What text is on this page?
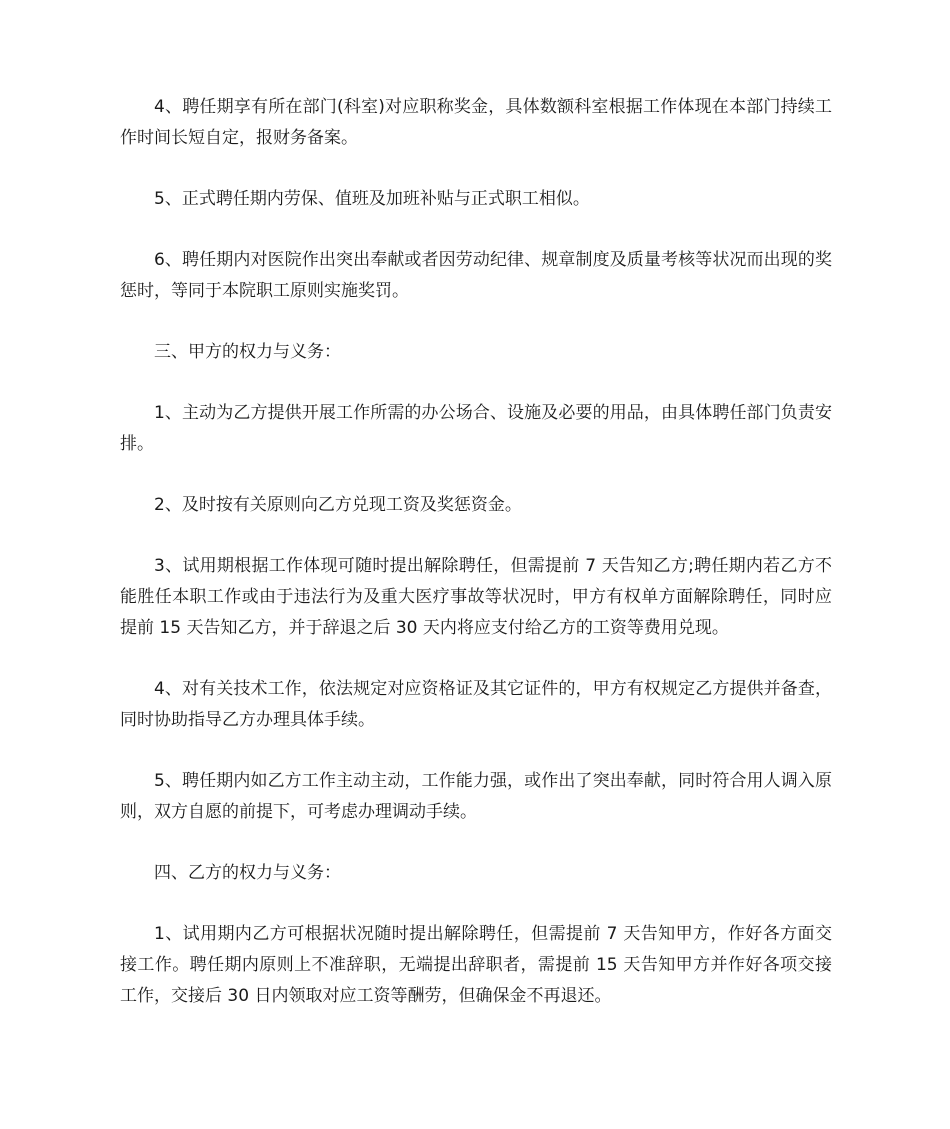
4、聘任期享有所在部门(科室)对应职称奖金，具体数额科室根据工作体现在本部门持续工作时间长短自定，报财务备案。

5、正式聘任期内劳保、值班及加班补贴与正式职工相似。

6、聘任期内对医院作出突出奉献或者因劳动纪律、规章制度及质量考核等状况而出现的奖惩时，等同于本院职工原则实施奖罚。

三、甲方的权力与义务：

1、主动为乙方提供开展工作所需的办公场合、设施及必要的用品，由具体聘任部门负责安排。

2、及时按有关原则向乙方兑现工资及奖惩资金。

3、试用期根据工作体现可随时提出解除聘任，但需提前 7 天告知乙方;聘任期内若乙方不能胜任本职工作或由于违法行为及重大医疗事故等状况时，甲方有权单方面解除聘任，同时应提前 15 天告知乙方，并于辞退之后 30 天内将应支付给乙方的工资等费用兑现。

4、对有关技术工作，依法规定对应资格证及其它证件的，甲方有权规定乙方提供并备查，同时协助指导乙方办理具体手续。

5、聘任期内如乙方工作主动主动，工作能力强，或作出了突出奉献，同时符合用人调入原则，双方自愿的前提下，可考虑办理调动手续。

四、乙方的权力与义务：

1、试用期内乙方可根据状况随时提出解除聘任，但需提前 7 天告知甲方，作好各方面交接工作。聘任期内原则上不准辞职，无端提出辞职者，需提前 15 天告知甲方并作好各项交接工作，交接后 30 日内领取对应工资等酬劳，但确保金不再退还。
